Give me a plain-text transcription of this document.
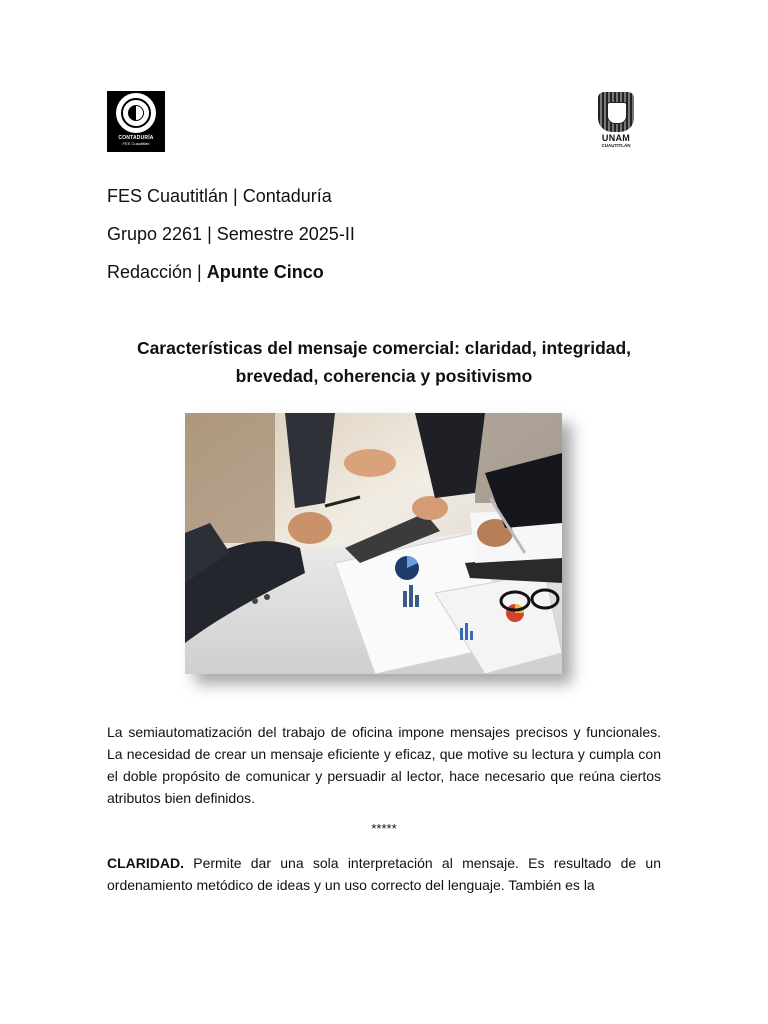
CONTADURÍA
FES Cuautitlán
UNAM
CUAUTITLÁN
FES Cuautitlán | Contaduría
Grupo 2261 | Semestre 2025-II
Redacción | Apunte Cinco
Características del mensaje comercial: claridad, integridad, brevedad, coherencia y positivismo
La semiautomatización del trabajo de oficina impone mensajes precisos y funcionales. La necesidad de crear un mensaje eficiente y eficaz, que motive su lectura y cumpla con el doble propósito de comunicar y persuadir al lector, hace necesario que reúna ciertos atributos bien definidos.
*****
CLARIDAD. Permite dar una sola interpretación al mensaje. Es resultado de un ordenamiento metódico de ideas y un uso correcto del lenguaje. También es la
